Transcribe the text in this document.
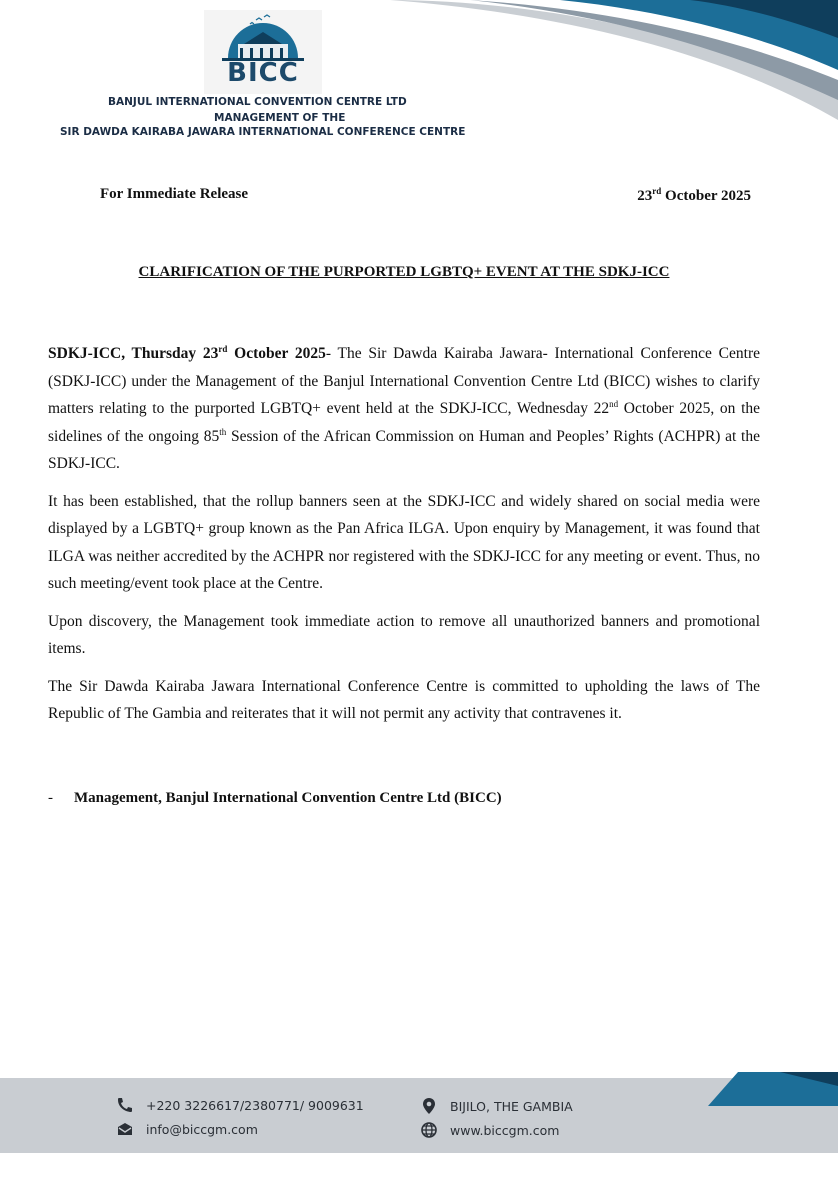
BICC
BANJUL INTERNATIONAL CONVENTION CENTRE LTD
MANAGEMENT OF THE
SIR DAWDA KAIRABA JAWARA INTERNATIONAL CONFERENCE CENTRE
For Immediate Release	23rd October 2025
CLARIFICATION OF THE PURPORTED LGBTQ+ EVENT AT THE SDKJ-ICC

SDKJ-ICC, Thursday 23rd October 2025- The Sir Dawda Kairaba Jawara- International Conference Centre (SDKJ-ICC) under the Management of the Banjul International Convention Centre Ltd (BICC) wishes to clarify matters relating to the purported LGBTQ+ event held at the SDKJ-ICC, Wednesday 22nd October 2025, on the sidelines of the ongoing 85th Session of the African Commission on Human and Peoples’ Rights (ACHPR) at the SDKJ-ICC.

It has been established, that the rollup banners seen at the SDKJ-ICC and widely shared on social media were displayed by a LGBTQ+ group known as the Pan Africa ILGA. Upon enquiry by Management, it was found that ILGA was neither accredited by the ACHPR nor registered with the SDKJ-ICC for any meeting or event. Thus, no such meeting/event took place at the Centre.

Upon discovery, the Management took immediate action to remove all unauthorized banners and promotional items.

The Sir Dawda Kairaba Jawara International Conference Centre is committed to upholding the laws of The Republic of The Gambia and reiterates that it will not permit any activity that contravenes it.

- Management, Banjul International Convention Centre Ltd (BICC)
+220 3226617/2380771/ 9009631
info@biccgm.com
BIJILO, THE GAMBIA
www.biccgm.com
